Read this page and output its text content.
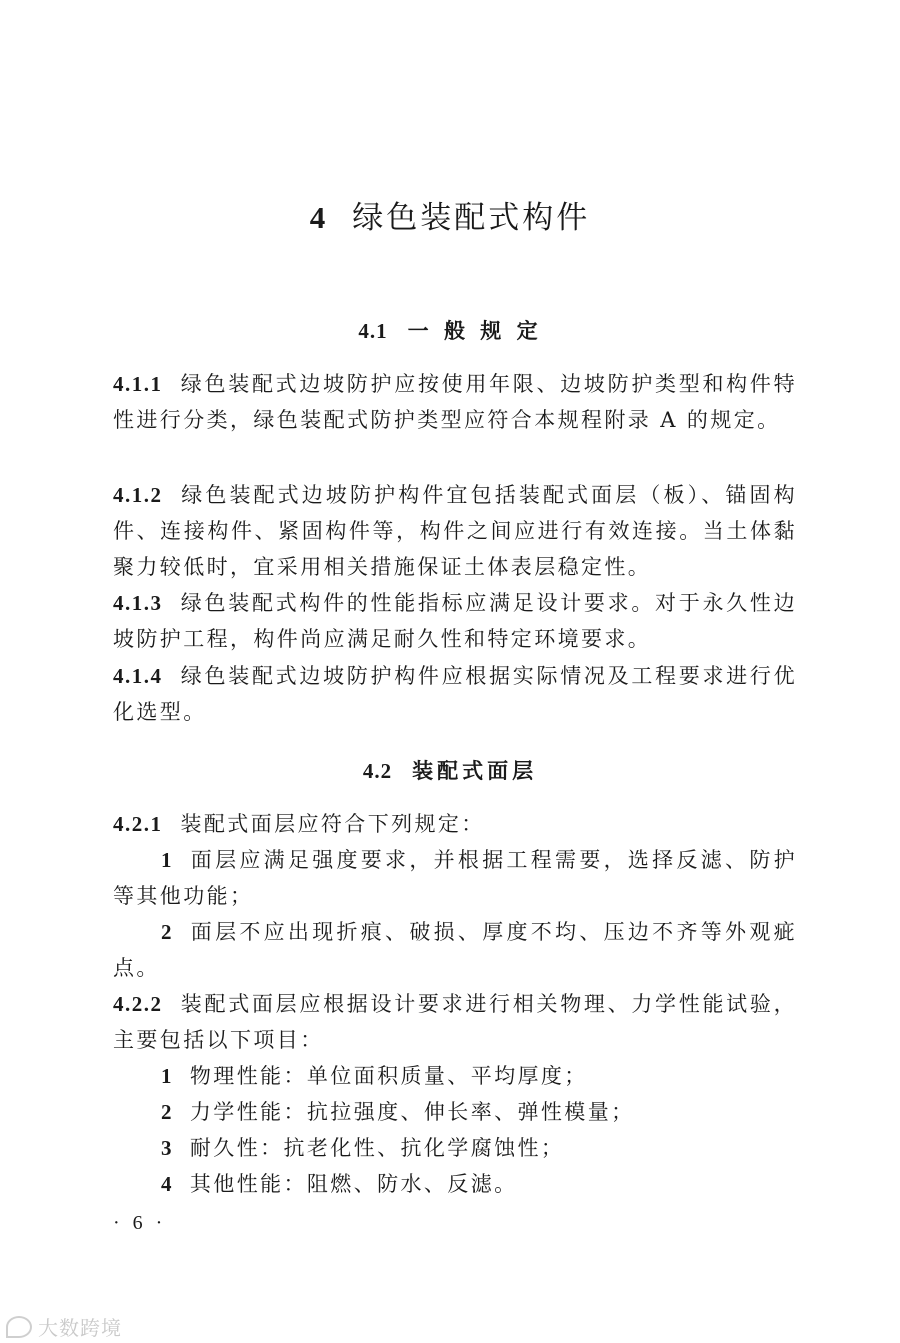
4 绿色装配式构件
4.1 一 般 规 定
4.1.1 绿色装配式边坡防护应按使用年限、边坡防护类型和构件特性进行分类，绿色装配式防护类型应符合本规程附录 A 的规定。
4.1.2 绿色装配式边坡防护构件宜包括装配式面层（板）、锚固构件、连接构件、紧固构件等，构件之间应进行有效连接。当土体黏聚力较低时，宜采用相关措施保证土体表层稳定性。
4.1.3 绿色装配式构件的性能指标应满足设计要求。对于永久性边坡防护工程，构件尚应满足耐久性和特定环境要求。
4.1.4 绿色装配式边坡防护构件应根据实际情况及工程要求进行优化选型。
4.2 装配式面层
4.2.1 装配式面层应符合下列规定：
1 面层应满足强度要求，并根据工程需要，选择反滤、防护等其他功能；
2 面层不应出现折痕、破损、厚度不均、压边不齐等外观疵点。
4.2.2 装配式面层应根据设计要求进行相关物理、力学性能试验，主要包括以下项目：
1 物理性能：单位面积质量、平均厚度；
2 力学性能：抗拉强度、伸长率、弹性模量；
3 耐久性：抗老化性、抗化学腐蚀性；
4 其他性能：阻燃、防水、反滤。
· 6 ·
大数跨境
